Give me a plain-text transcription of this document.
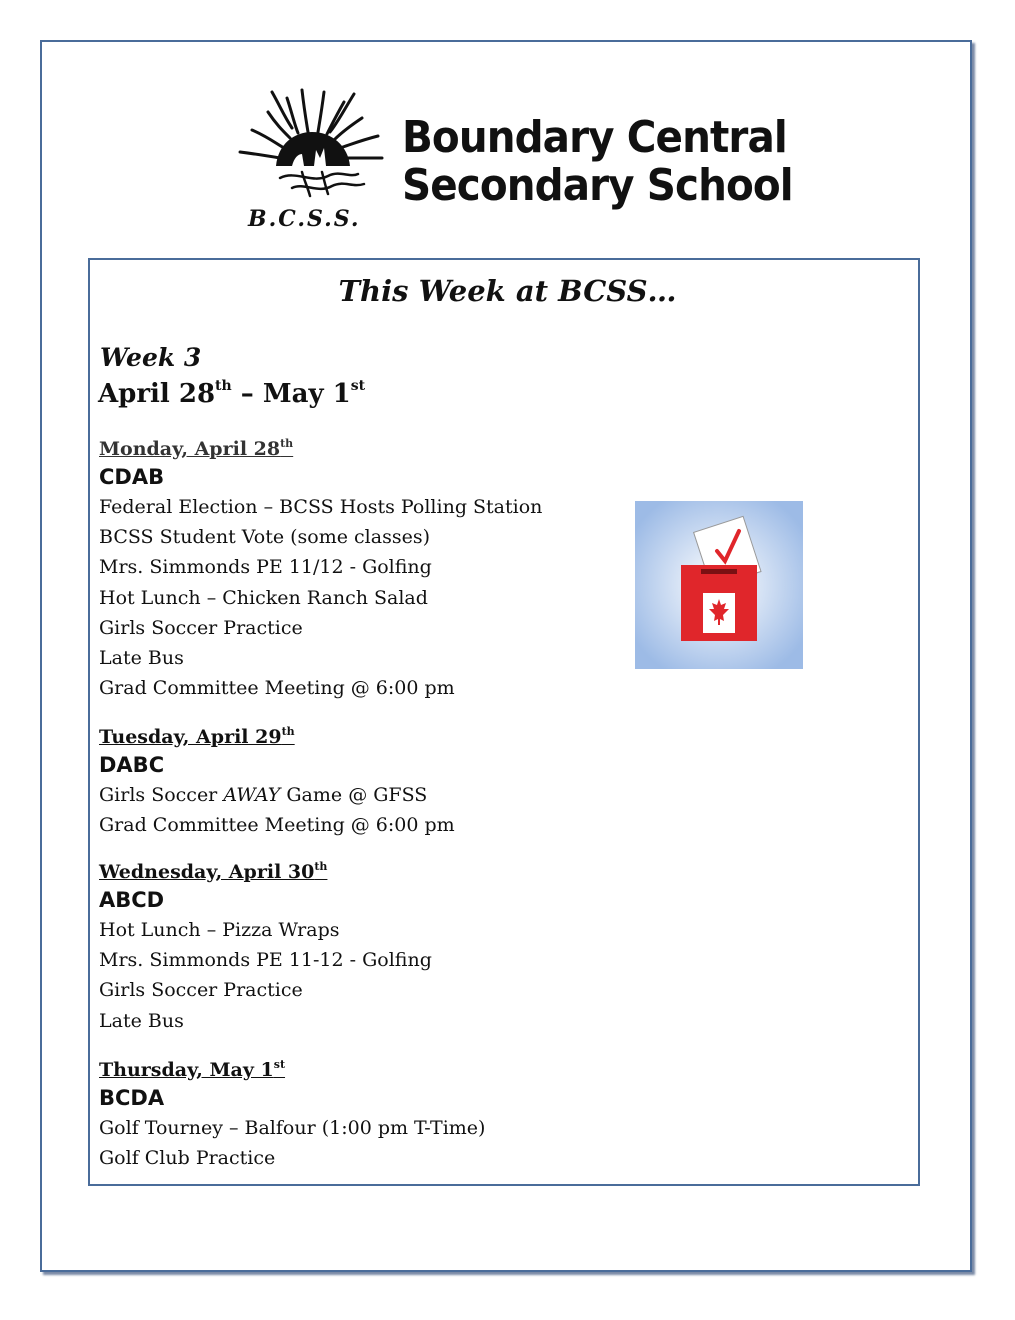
B.C.S.S.
Boundary Central
Secondary School
This Week at BCSS…
Week 3
April 28th – May 1st
Monday, April 28th
CDAB
Federal Election – BCSS Hosts Polling Station
BCSS Student Vote (some classes)
Mrs. Simmonds PE 11/12 - Golfing
Hot Lunch – Chicken Ranch Salad
Girls Soccer Practice
Late Bus
Grad Committee Meeting @ 6:00 pm
Tuesday, April 29th
DABC
Girls Soccer AWAY Game @ GFSS
Grad Committee Meeting @ 6:00 pm
Wednesday, April 30th
ABCD
Hot Lunch – Pizza Wraps
Mrs. Simmonds PE 11-12 - Golfing
Girls Soccer Practice
Late Bus
Thursday, May 1st
BCDA
Golf Tourney – Balfour (1:00 pm T-Time)
Golf Club Practice
